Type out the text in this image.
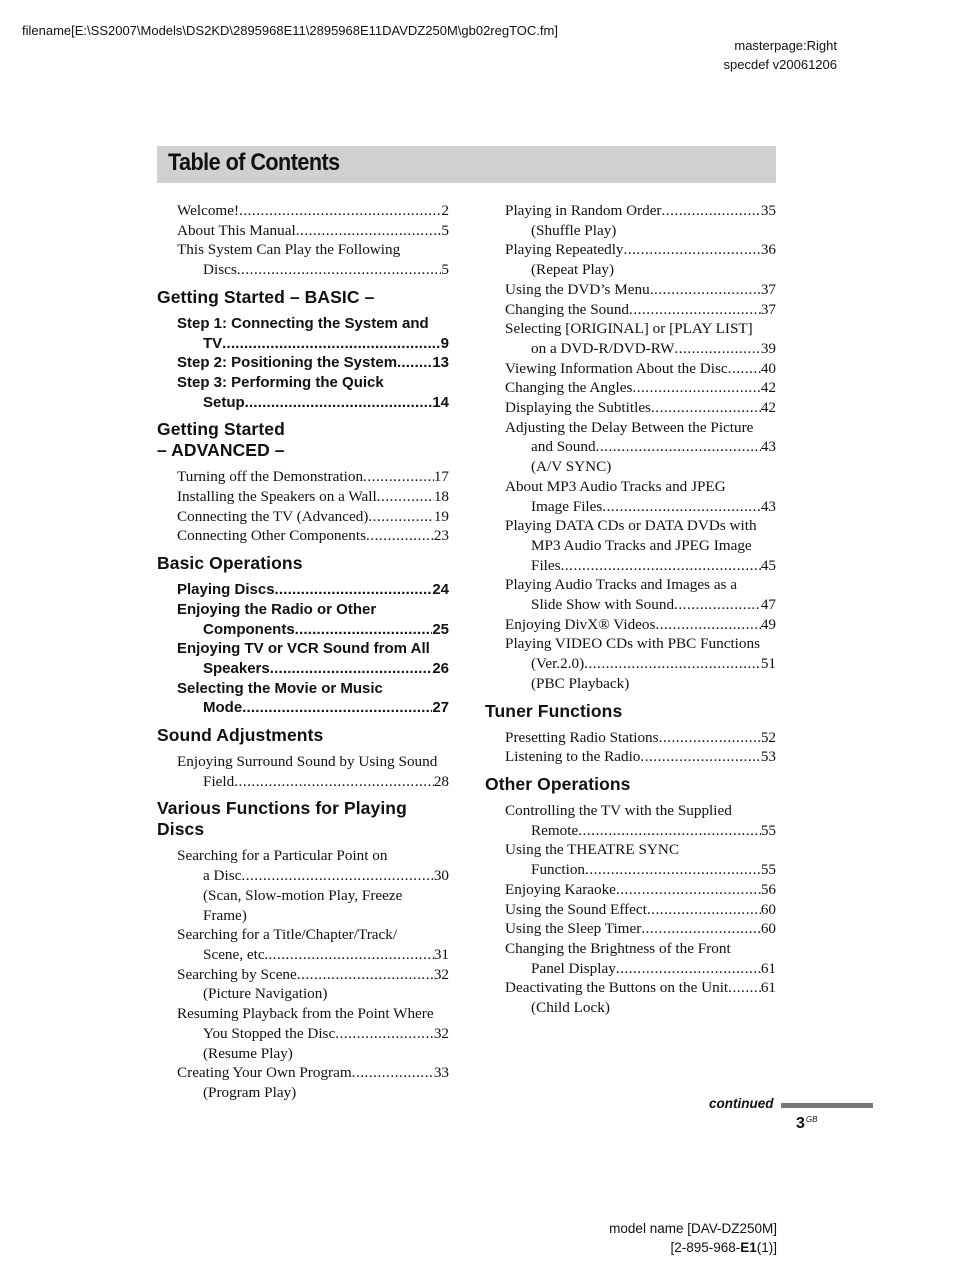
filename[E:\SS2007\Models\DS2KD\2895968E11\2895968E11DAVDZ250M\gb02regTOC.fm]
masterpage:Right
specdef v20061206
Table of Contents
Welcome! .....	2
About This Manual .....	5
This System Can Play the Following
Discs .....	5
Getting Started – BASIC –
Step 1: Connecting the System and
TV .....	9
Step 2: Positioning the System ..... 13
Step 3: Performing the Quick
Setup .....	14
Getting Started
– ADVANCED –
Turning off the Demonstration .....	17
Installing the Speakers on a Wall .....	18
Connecting the TV (Advanced) .....	19
Connecting Other Components .....	23
Basic Operations
Playing Discs .....	24
Enjoying the Radio or Other
Components .....	25
Enjoying TV or VCR Sound from All
Speakers .....	26
Selecting the Movie or Music
Mode .....	27
Sound Adjustments
Enjoying Surround Sound by Using Sound
Field .....	28
Various Functions for Playing
Discs
Searching for a Particular Point on
a Disc .....	30
(Scan, Slow-motion Play, Freeze
Frame)
Searching for a Title/Chapter/Track/
Scene, etc. .....	31
Searching by Scene .....	32
(Picture Navigation)
Resuming Playback from the Point Where
You Stopped the Disc .....	32
(Resume Play)
Creating Your Own Program .....	33
(Program Play)
Playing in Random Order .....	35
(Shuffle Play)
Playing Repeatedly .....	36
(Repeat Play)
Using the DVD’s Menu .....	37
Changing the Sound .....	37
Selecting [ORIGINAL] or [PLAY LIST]
on a DVD-R/DVD-RW .....	39
Viewing Information About the Disc ..... 40
Changing the Angles .....	42
Displaying the Subtitles .....	42
Adjusting the Delay Between the Picture
and Sound .....	43
(A/V SYNC)
About MP3 Audio Tracks and JPEG
Image Files .....	43
Playing DATA CDs or DATA DVDs with
MP3 Audio Tracks and JPEG Image
Files .....	45
Playing Audio Tracks and Images as a
Slide Show with Sound .....	47
Enjoying DivX® Videos .....	49
Playing VIDEO CDs with PBC Functions
(Ver.2.0) .....	51
(PBC Playback)
Tuner Functions
Presetting Radio Stations .....	52
Listening to the Radio .....	53
Other Operations
Controlling the TV with the Supplied
Remote .....	55
Using the THEATRE SYNC
Function .....	55
Enjoying Karaoke .....	56
Using the Sound Effect .....	60
Using the Sleep Timer .....	60
Changing the Brightness of the Front
Panel Display .....	61
Deactivating the Buttons on the Unit ..... 61
(Child Lock)
continued
$3^{GB}$
model name [DAV-DZ250M]
[2-895-968-E1(1)]
